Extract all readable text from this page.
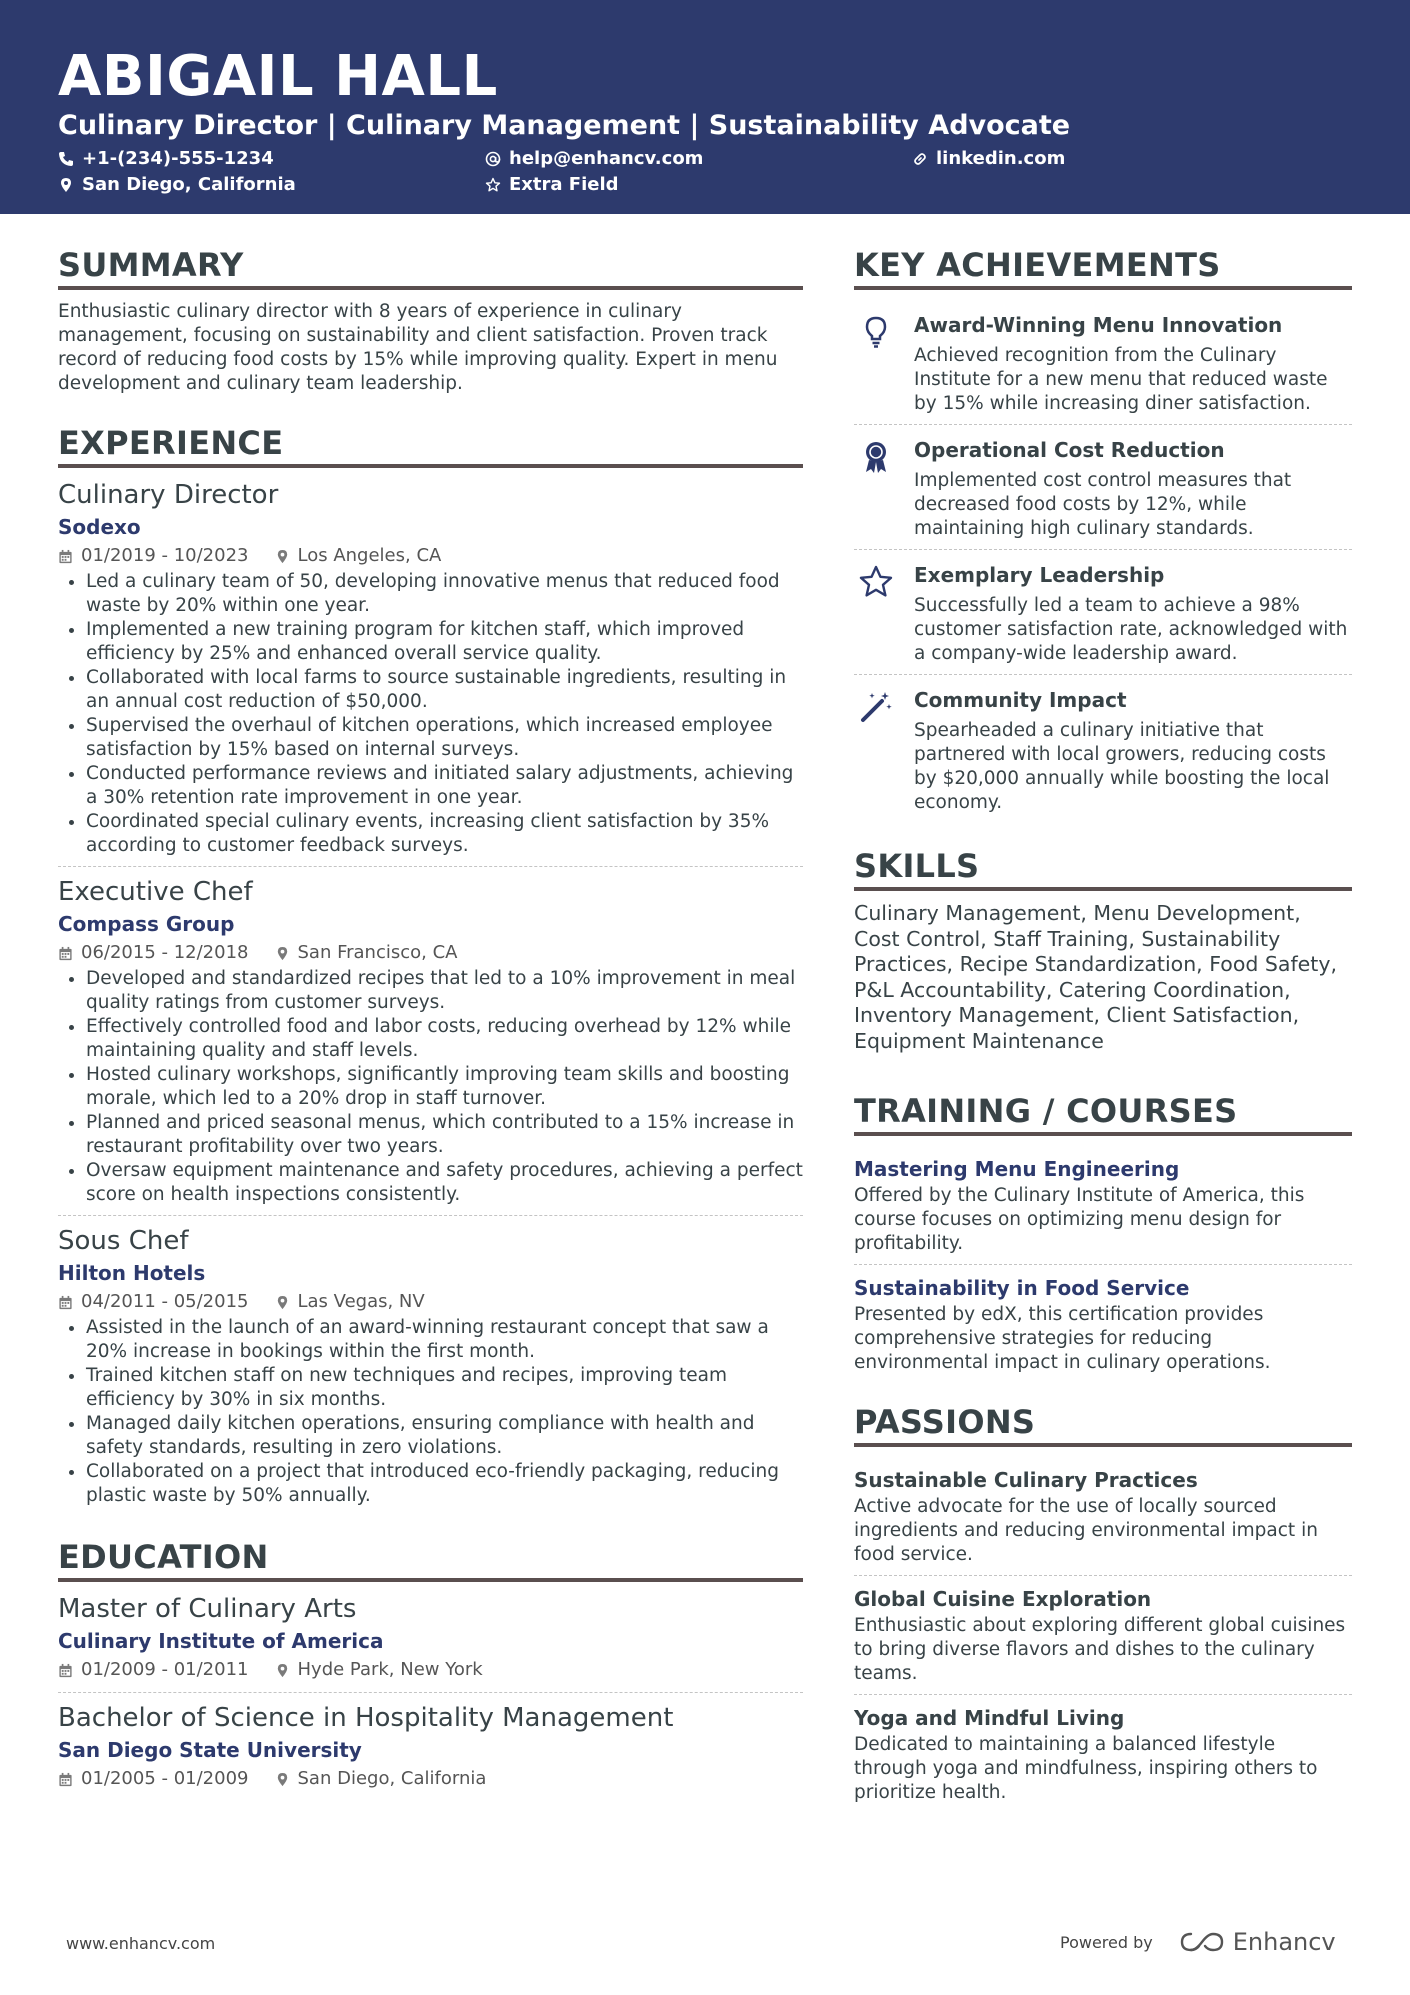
ABIGAIL HALL
Culinary Director | Culinary Management | Sustainability Advocate
+1-(234)-555-1234	help@enhancv.com	linkedin.com
San Diego, California	Extra Field
SUMMARY
Enthusiastic culinary director with 8 years of experience in culinary management, focusing on sustainability and client satisfaction. Proven track record of reducing food costs by 15% while improving quality. Expert in menu development and culinary team leadership.
EXPERIENCE
Culinary Director
Sodexo
01/2019 - 10/2023	Los Angeles, CA
• Led a culinary team of 50, developing innovative menus that reduced food waste by 20% within one year.
• Implemented a new training program for kitchen staff, which improved efficiency by 25% and enhanced overall service quality.
• Collaborated with local farms to source sustainable ingredients, resulting in an annual cost reduction of $50,000.
• Supervised the overhaul of kitchen operations, which increased employee satisfaction by 15% based on internal surveys.
• Conducted performance reviews and initiated salary adjustments, achieving a 30% retention rate improvement in one year.
• Coordinated special culinary events, increasing client satisfaction by 35% according to customer feedback surveys.
Executive Chef
Compass Group
06/2015 - 12/2018	San Francisco, CA
• Developed and standardized recipes that led to a 10% improvement in meal quality ratings from customer surveys.
• Effectively controlled food and labor costs, reducing overhead by 12% while maintaining quality and staff levels.
• Hosted culinary workshops, significantly improving team skills and boosting morale, which led to a 20% drop in staff turnover.
• Planned and priced seasonal menus, which contributed to a 15% increase in restaurant profitability over two years.
• Oversaw equipment maintenance and safety procedures, achieving a perfect score on health inspections consistently.
Sous Chef
Hilton Hotels
04/2011 - 05/2015	Las Vegas, NV
• Assisted in the launch of an award-winning restaurant concept that saw a 20% increase in bookings within the first month.
• Trained kitchen staff on new techniques and recipes, improving team efficiency by 30% in six months.
• Managed daily kitchen operations, ensuring compliance with health and safety standards, resulting in zero violations.
• Collaborated on a project that introduced eco-friendly packaging, reducing plastic waste by 50% annually.
EDUCATION
Master of Culinary Arts
Culinary Institute of America
01/2009 - 01/2011	Hyde Park, New York
Bachelor of Science in Hospitality Management
San Diego State University
01/2005 - 01/2009	San Diego, California
KEY ACHIEVEMENTS
Award-Winning Menu Innovation
Achieved recognition from the Culinary Institute for a new menu that reduced waste by 15% while increasing diner satisfaction.
Operational Cost Reduction
Implemented cost control measures that decreased food costs by 12%, while maintaining high culinary standards.
Exemplary Leadership
Successfully led a team to achieve a 98% customer satisfaction rate, acknowledged with a company-wide leadership award.
Community Impact
Spearheaded a culinary initiative that partnered with local growers, reducing costs by $20,000 annually while boosting the local economy.
SKILLS
Culinary Management, Menu Development, Cost Control, Staff Training, Sustainability Practices, Recipe Standardization, Food Safety, P&L Accountability, Catering Coordination, Inventory Management, Client Satisfaction, Equipment Maintenance
TRAINING / COURSES
Mastering Menu Engineering
Offered by the Culinary Institute of America, this course focuses on optimizing menu design for profitability.
Sustainability in Food Service
Presented by edX, this certification provides comprehensive strategies for reducing environmental impact in culinary operations.
PASSIONS
Sustainable Culinary Practices
Active advocate for the use of locally sourced ingredients and reducing environmental impact in food service.
Global Cuisine Exploration
Enthusiastic about exploring different global cuisines to bring diverse flavors and dishes to the culinary teams.
Yoga and Mindful Living
Dedicated to maintaining a balanced lifestyle through yoga and mindfulness, inspiring others to prioritize health.
www.enhancv.com	Powered by	Enhancv
